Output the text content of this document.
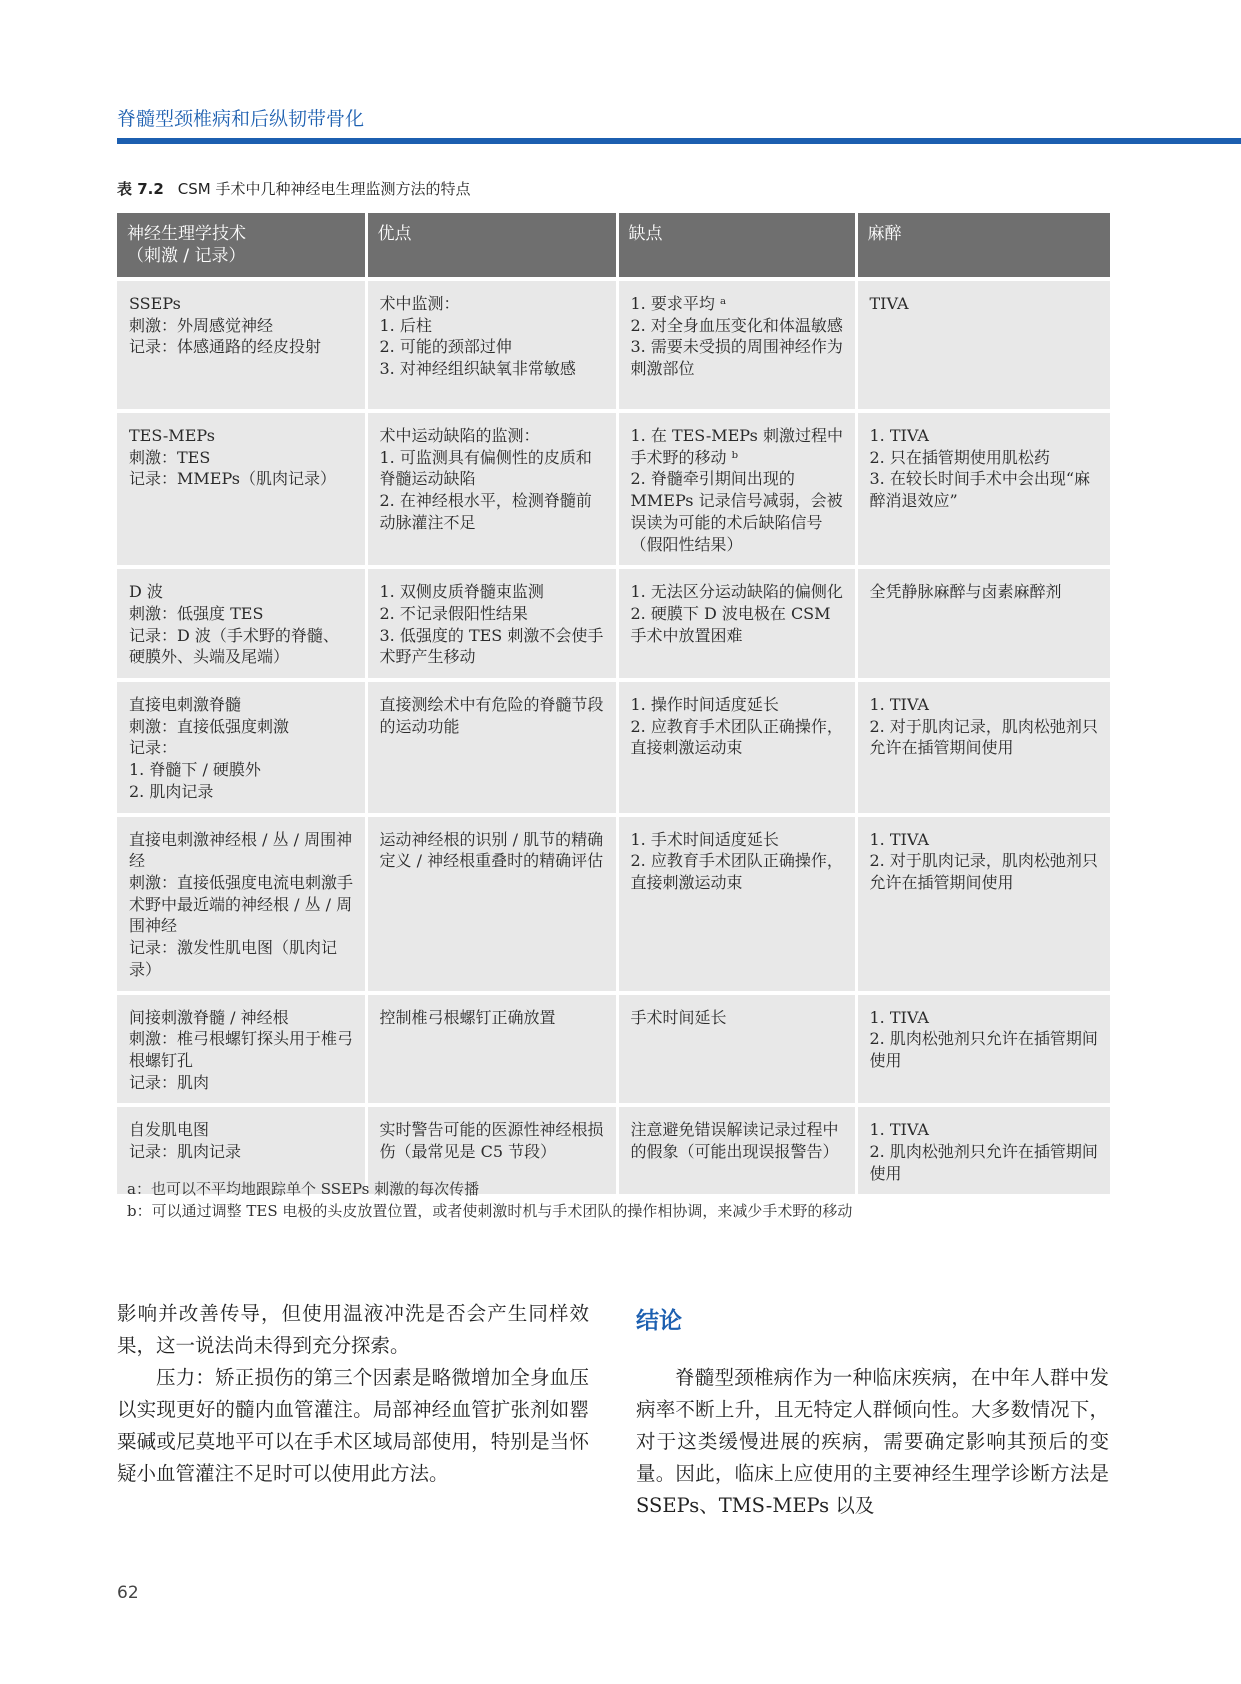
脊髓型颈椎病和后纵韧带骨化
表 7.2 CSM 手术中几种神经电生理监测方法的特点
神经生理学技术
（刺激 / 记录）	优点	缺点	麻醉
SSEPs
刺激：外周感觉神经
记录：体感通路的经皮投射	术中监测：
1. 后柱
2. 可能的颈部过伸
3. 对神经组织缺氧非常敏感	1. 要求平均 ᵃ
2. 对全身血压变化和体温敏感
3. 需要未受损的周围神经作为刺激部位	TIVA
TES-MEPs
刺激：TES
记录：MMEPs（肌肉记录）	术中运动缺陷的监测：
1. 可监测具有偏侧性的皮质和脊髓运动缺陷
2. 在神经根水平，检测脊髓前动脉灌注不足	1. 在 TES-MEPs 刺激过程中手术野的移动 ᵇ
2. 脊髓牵引期间出现的 MMEPs 记录信号减弱，会被误读为可能的术后缺陷信号（假阳性结果）	1. TIVA
2. 只在插管期使用肌松药
3. 在较长时间手术中会出现“麻醉消退效应”
D 波
刺激：低强度 TES
记录：D 波（手术野的脊髓、硬膜外、头端及尾端）	1. 双侧皮质脊髓束监测
2. 不记录假阳性结果
3. 低强度的 TES 刺激不会使手术野产生移动	1. 无法区分运动缺陷的偏侧化
2. 硬膜下 D 波电极在 CSM 手术中放置困难	全凭静脉麻醉与卤素麻醉剂
直接电刺激脊髓
刺激：直接低强度刺激
记录：
1. 脊髓下 / 硬膜外
2. 肌肉记录	直接测绘术中有危险的脊髓节段的运动功能	1. 操作时间适度延长
2. 应教育手术团队正确操作，直接刺激运动束	1. TIVA
2. 对于肌肉记录，肌肉松弛剂只允许在插管期间使用
直接电刺激神经根 / 丛 / 周围神经
刺激：直接低强度电流电刺激手术野中最近端的神经根 / 丛 / 周围神经
记录：激发性肌电图（肌肉记录）	运动神经根的识别 / 肌节的精确定义 / 神经根重叠时的精确评估	1. 手术时间适度延长
2. 应教育手术团队正确操作，直接刺激运动束	1. TIVA
2. 对于肌肉记录，肌肉松弛剂只允许在插管期间使用
间接刺激脊髓 / 神经根
刺激：椎弓根螺钉探头用于椎弓根螺钉孔
记录：肌肉	控制椎弓根螺钉正确放置	手术时间延长	1. TIVA
2. 肌肉松弛剂只允许在插管期间使用
自发肌电图
记录：肌肉记录	实时警告可能的医源性神经根损伤（最常见是 C5 节段）	注意避免错误解读记录过程中的假象（可能出现误报警告）	1. TIVA
2. 肌肉松弛剂只允许在插管期间使用
a：也可以不平均地跟踪单个 SSEPs 刺激的每次传播
b：可以通过调整 TES 电极的头皮放置位置，或者使刺激时机与手术团队的操作相协调，来减少手术野的移动

影响并改善传导，但使用温液冲洗是否会产生同样效果，这一说法尚未得到充分探索。

压力：矫正损伤的第三个因素是略微增加全身血压以实现更好的髓内血管灌注。局部神经血管扩张剂如罂粟碱或尼莫地平可以在手术区域局部使用，特别是当怀疑小血管灌注不足时可以使用此方法。

结论
脊髓型颈椎病作为一种临床疾病，在中年人群中发病率不断上升，且无特定人群倾向性。大多数情况下，对于这类缓慢进展的疾病，需要确定影响其预后的变量。因此，临床上应使用的主要神经生理学诊断方法是 SSEPs、TMS-MEPs 以及
62
